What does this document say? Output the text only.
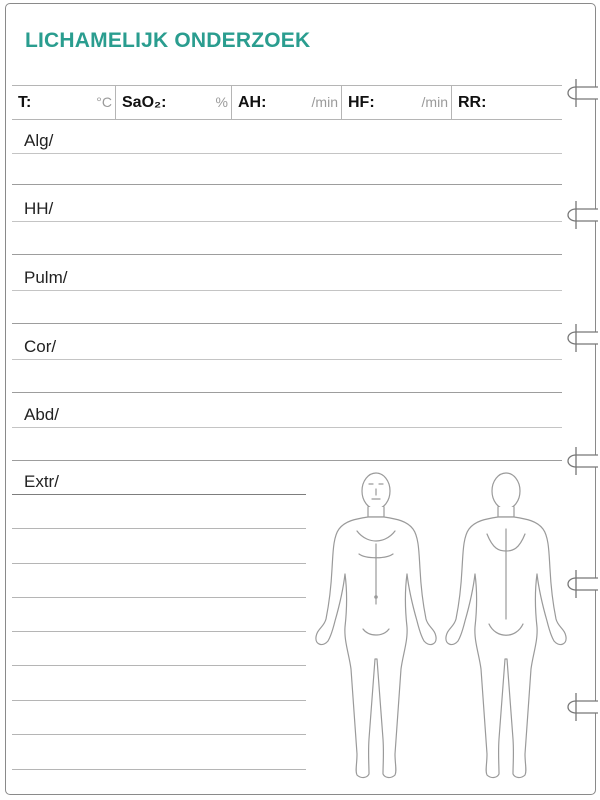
LICHAMELIJK ONDERZOEK
T:	°C SaO₂:	% AH:	/min HF:	/min RR:
Alg/
HH/
Pulm/
Cor/
Abd/
Extr/
